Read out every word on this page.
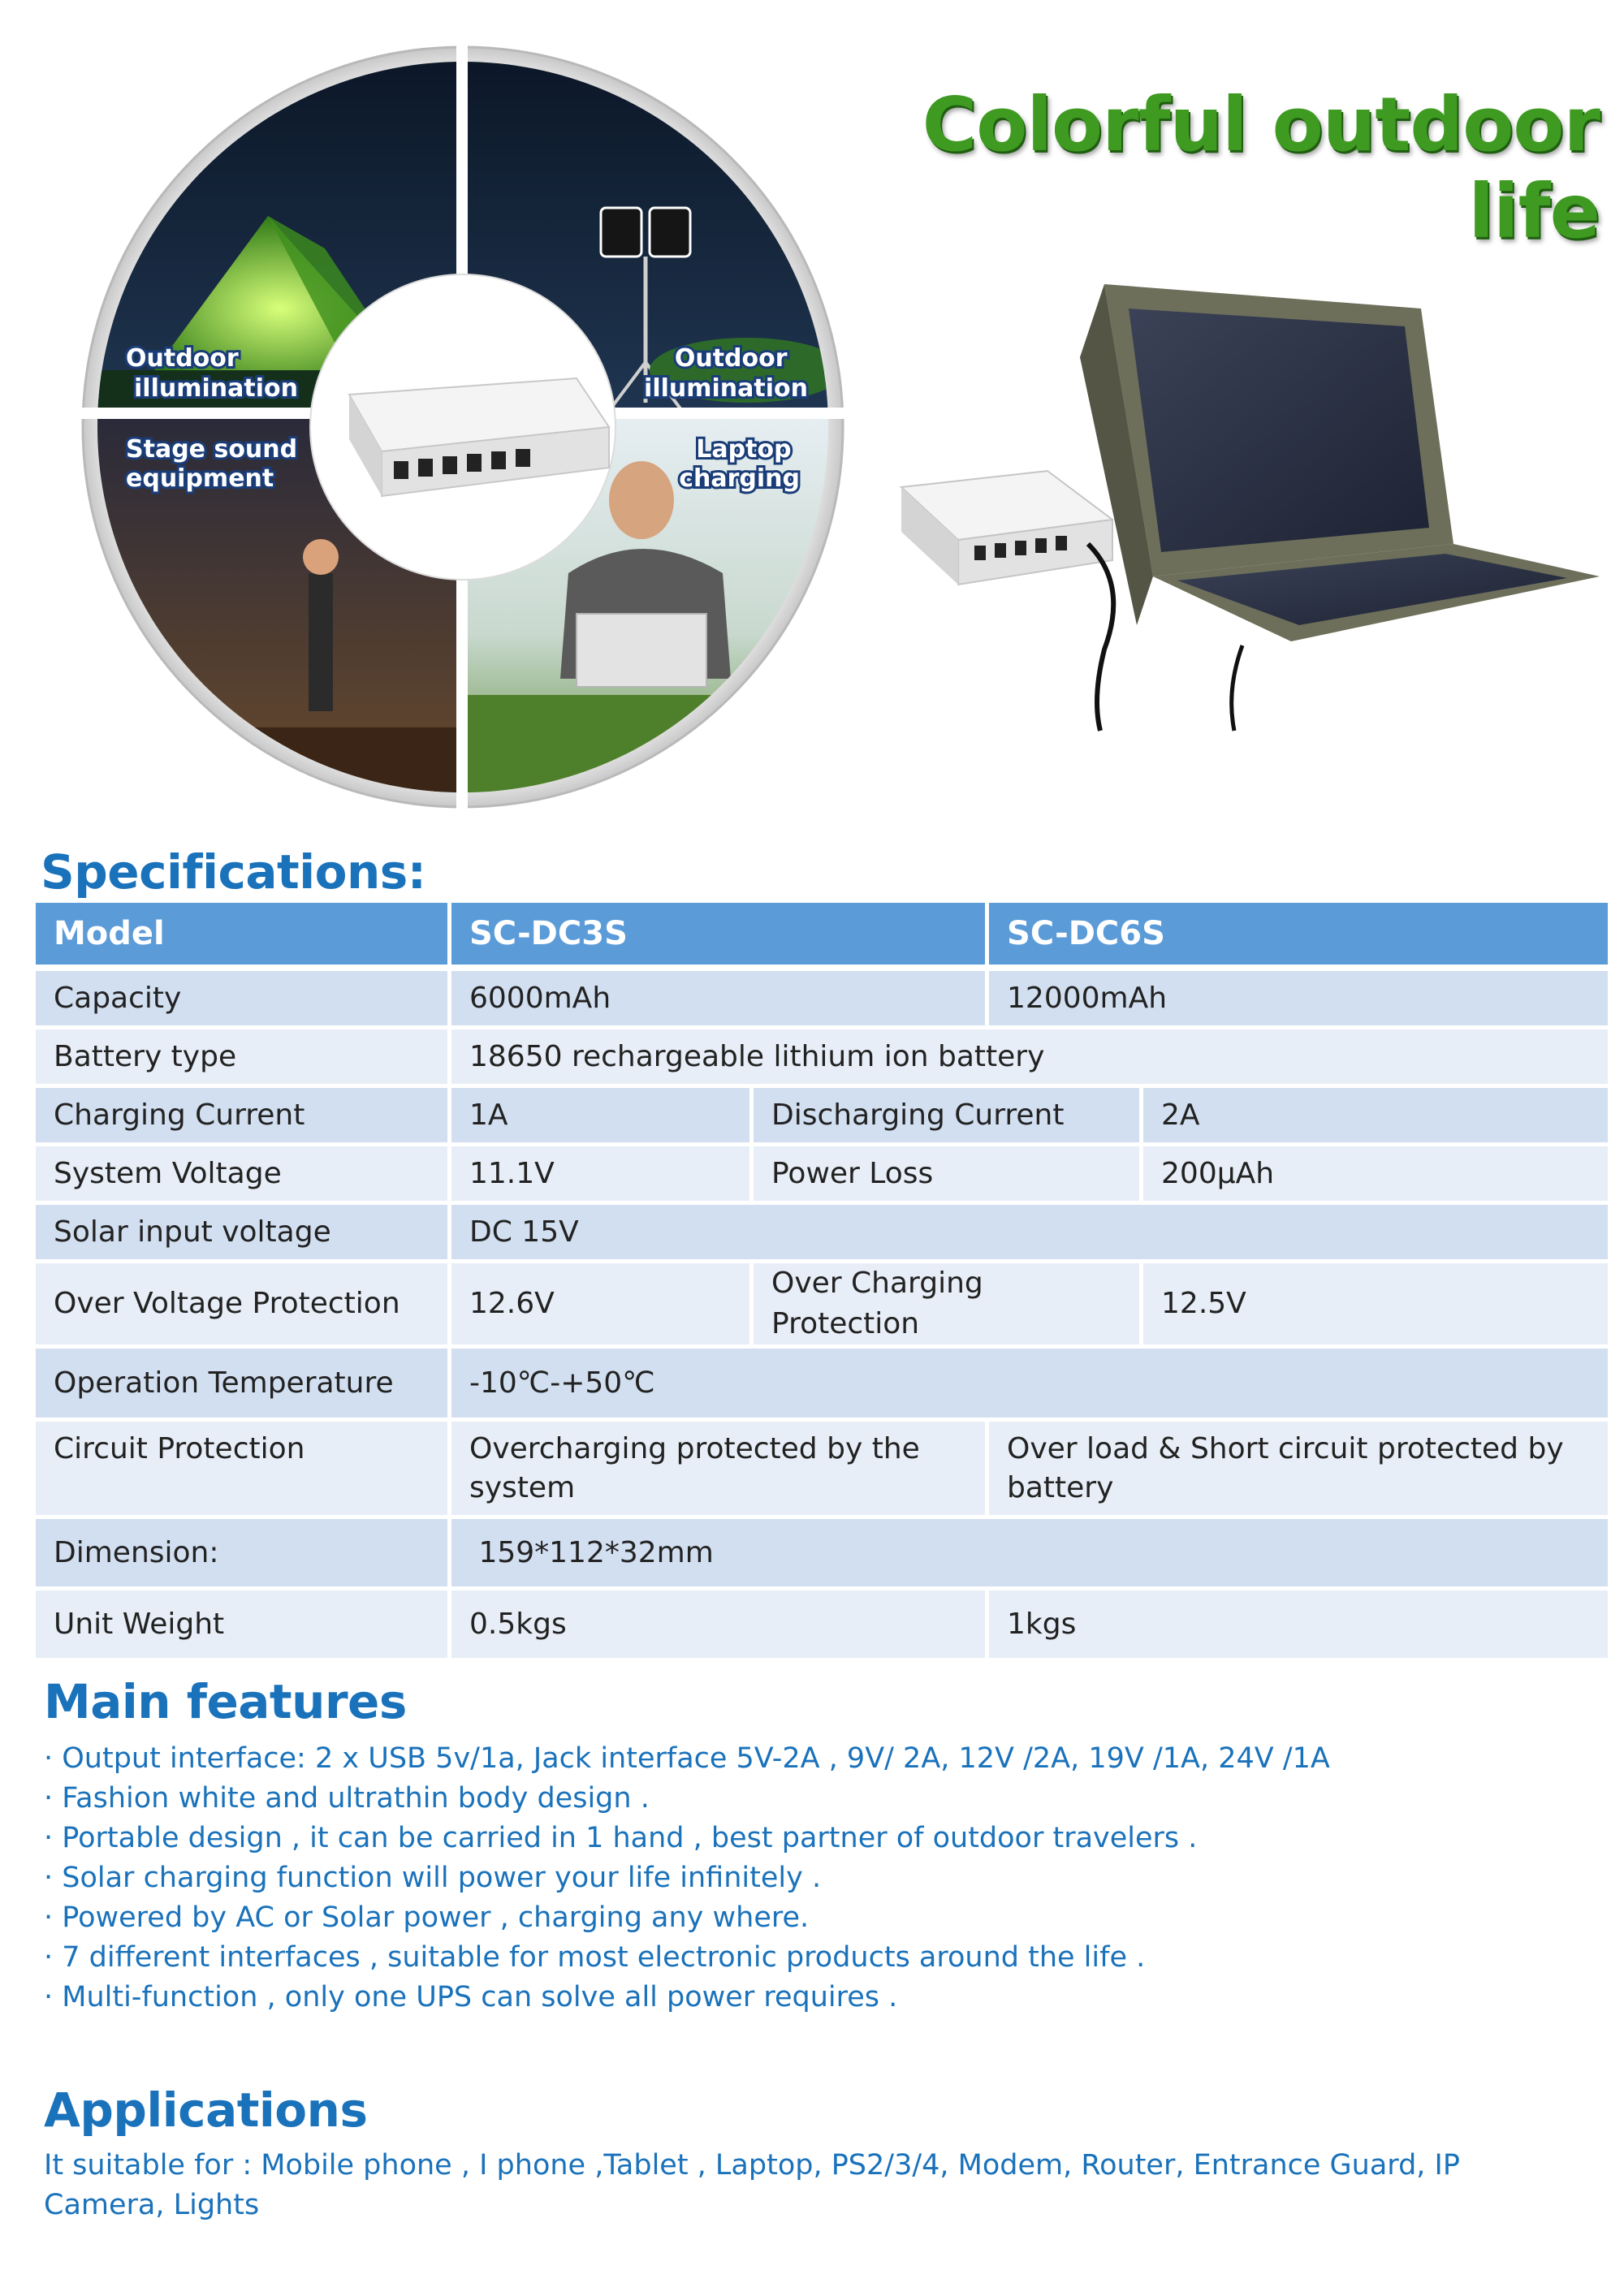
Outdoor illumination
Outdoor illumination
Stage sound equipment
Laptop charging
Colorful outdoor life
Specifications:
Model	SC-DC3S		SC-DC6S	
Capacity	6000mAh		12000mAh	
Battery type	18650 rechargeable lithium ion battery			
Charging Current	1A	Discharging Current		2A
System Voltage	11.1V	Power Loss		200µAh
Solar input voltage	DC 15V			
Over Voltage Protection	12.6V	Over Charging Protection		12.5V
Operation Temperature	-10℃-+50℃			
Circuit Protection	Overcharging protected by the system		Over load & Short circuit protected by battery	
Dimension:	159*112*32mm			
Unit Weight	0.5kgs		1kgs	
Main features
· Output interface: 2 x USB 5v/1a, Jack interface 5V-2A , 9V/ 2A, 12V /2A, 19V /1A, 24V /1A
· Fashion white and ultrathin body design .
· Portable design , it can be carried in 1 hand , best partner of outdoor travelers .
· Solar charging function will power your life infinitely .
· Powered by AC or Solar power , charging any where.
· 7 different interfaces , suitable for most electronic products around the life .
· Multi-function , only one UPS can solve all power requires .
Applications
It suitable for : Mobile phone , I phone ,Tablet , Laptop, PS2/3/4, Modem, Router, Entrance Guard, IP Camera, Lights
